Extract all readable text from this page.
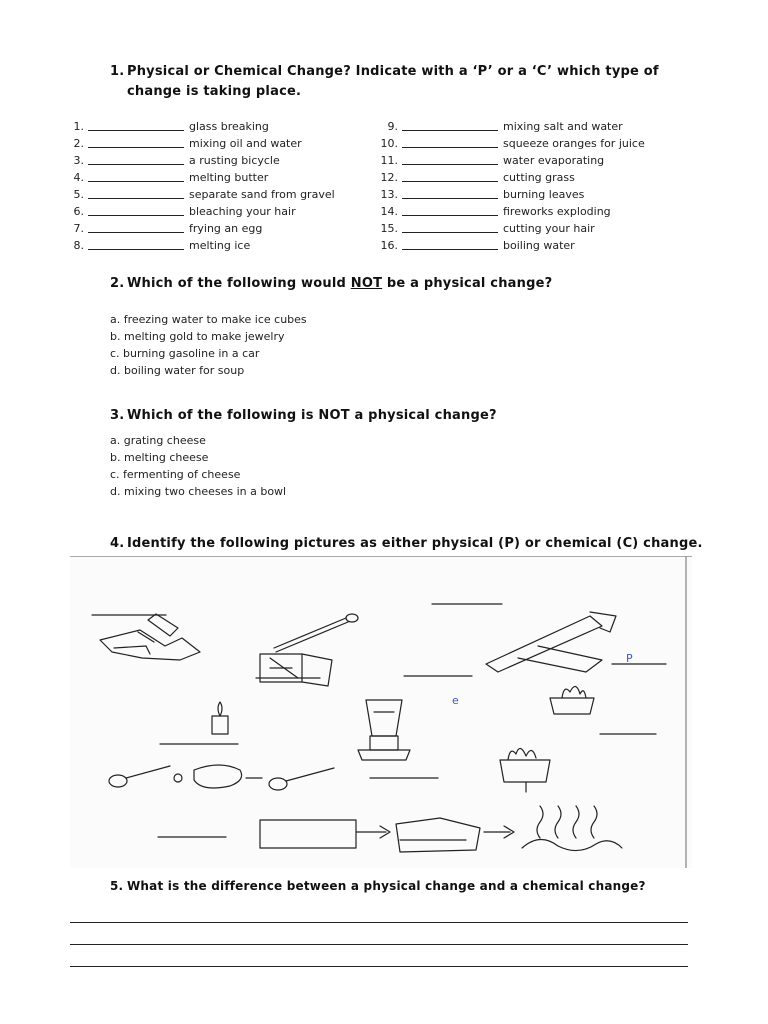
1. Physical or Chemical Change? Indicate with a ‘P’ or a ‘C’ which type of
change is taking place.
1.	glass breaking
2.	mixing oil and water
3.	a rusting bicycle
4.	melting butter
5.	separate sand from gravel
6.	bleaching your hair
7.	frying an egg
8.	melting ice
9.	mixing salt and water
10.	squeeze oranges for juice
11.	water evaporating
12.	cutting grass
13.	burning leaves
14.	fireworks exploding
15.	cutting your hair
16.	boiling water
2. Which of the following would NOT be a physical change?
a. freezing water to make ice cubes
b. melting gold to make jewelry
c. burning gasoline in a car
d. boiling water for soup
3. Which of the following is NOT a physical change?
a. grating cheese
b. melting cheese
c. fermenting of cheese
d. mixing two cheeses in a bowl
4. Identify the following pictures as either physical (P) or chemical (C) change.
P
e
5. What is the difference between a physical change and a chemical change?
